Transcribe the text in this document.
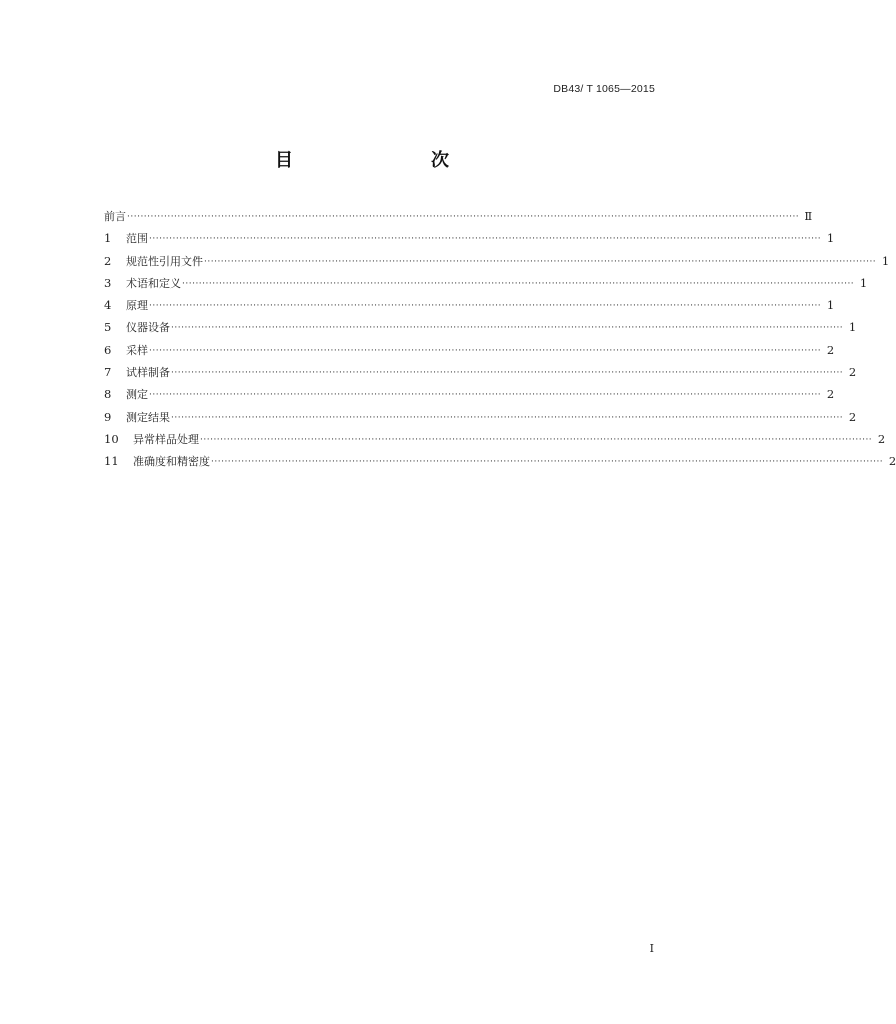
DB43/ T 1065—2015
目　　次
前言 ········································································································································································································ Ⅱ
1	范围 ········································································································································································································ 1
2	规范性引用文件 ········································································································································································································ 1
3	术语和定义 ········································································································································································································ 1
4	原理 ········································································································································································································ 1
5	仪器设备 ········································································································································································································ 1
6	采样 ········································································································································································································ 2
7	试样制备 ········································································································································································································ 2
8	测定 ········································································································································································································ 2
9	测定结果 ········································································································································································································ 2
10	异常样品处理 ········································································································································································································ 2
11	准确度和精密度 ········································································································································································································ 2
I
